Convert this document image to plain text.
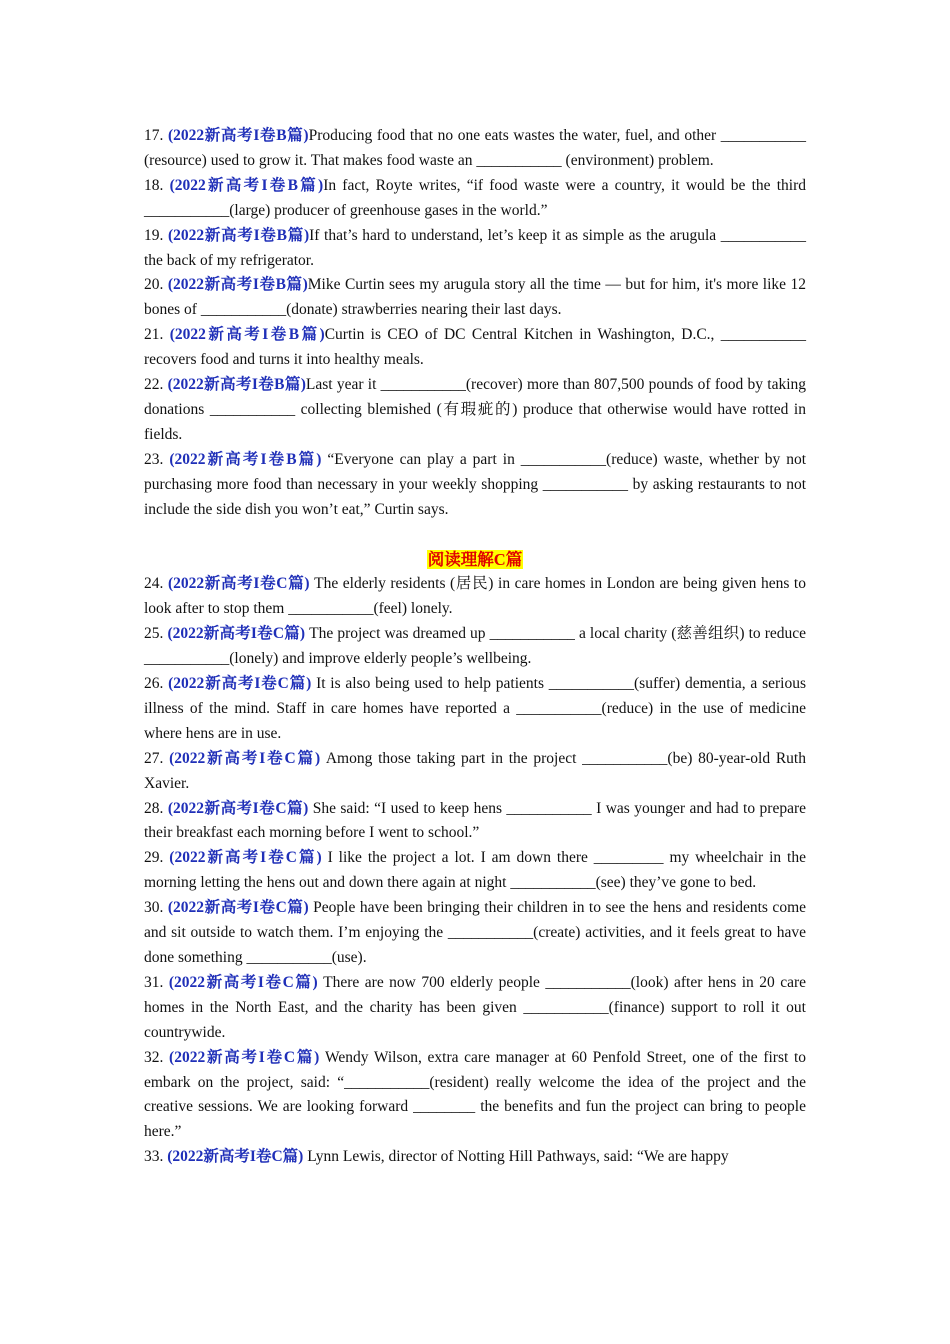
17. (2022新高考I卷B篇)Producing food that no one eats wastes the water, fuel, and other ___________ (resource) used to grow it. That makes food waste an ___________ (environment) problem.

18. (2022新高考I卷B篇)In fact, Royte writes, “if food waste were a country, it would be the third ___________(large) producer of greenhouse gases in the world.”

19. (2022新高考I卷B篇)If that’s hard to understand, let’s keep it as simple as the arugula ___________ the back of my refrigerator.

20. (2022新高考I卷B篇)Mike Curtin sees my arugula story all the time — but for him, it's more like 12 bones of ___________(donate) strawberries nearing their last days.

21. (2022新高考I卷B篇)Curtin is CEO of DC Central Kitchen in Washington, D.C., ___________ recovers food and turns it into healthy meals.

22. (2022新高考I卷B篇)Last year it ___________(recover) more than 807,500 pounds of food by taking donations ___________ collecting blemished (有瑕疵的) produce that otherwise would have rotted in fields.

23. (2022新高考I卷B篇) “Everyone can play a part in ___________(reduce) waste, whether by not purchasing more food than necessary in your weekly shopping ___________ by asking restaurants to not include the side dish you won’t eat,” Curtin says.

阅读理解C篇

24. (2022新高考I卷C篇) The elderly residents (居民) in care homes in London are being given hens to look after to stop them ___________(feel) lonely.

25. (2022新高考I卷C篇) The project was dreamed up ___________ a local charity (慈善组织) to reduce ___________(lonely) and improve elderly people’s wellbeing.

26. (2022新高考I卷C篇) It is also being used to help patients ___________(suffer) dementia, a serious illness of the mind. Staff in care homes have reported a ___________(reduce) in the use of medicine where hens are in use.

27. (2022新高考I卷C篇) Among those taking part in the project ___________(be) 80-year-old Ruth Xavier.

28. (2022新高考I卷C篇) She said: “I used to keep hens ___________ I was younger and had to prepare their breakfast each morning before I went to school.”

29. (2022新高考I卷C篇) I like the project a lot. I am down there _________ my wheelchair in the morning letting the hens out and down there again at night ___________(see) they’ve gone to bed.

30. (2022新高考I卷C篇) People have been bringing their children in to see the hens and residents come and sit outside to watch them. I’m enjoying the ___________(create) activities, and it feels great to have done something ___________(use).

31. (2022新高考I卷C篇) There are now 700 elderly people ___________(look) after hens in 20 care homes in the North East, and the charity has been given ___________(finance) support to roll it out countrywide.

32. (2022新高考I卷C篇) Wendy Wilson, extra care manager at 60 Penfold Street, one of the first to embark on the project, said: “___________(resident) really welcome the idea of the project and the creative sessions. We are looking forward ________ the benefits and fun the project can bring to people here.”

33. (2022新高考I卷C篇) Lynn Lewis, director of Notting Hill Pathways, said: “We are happy
